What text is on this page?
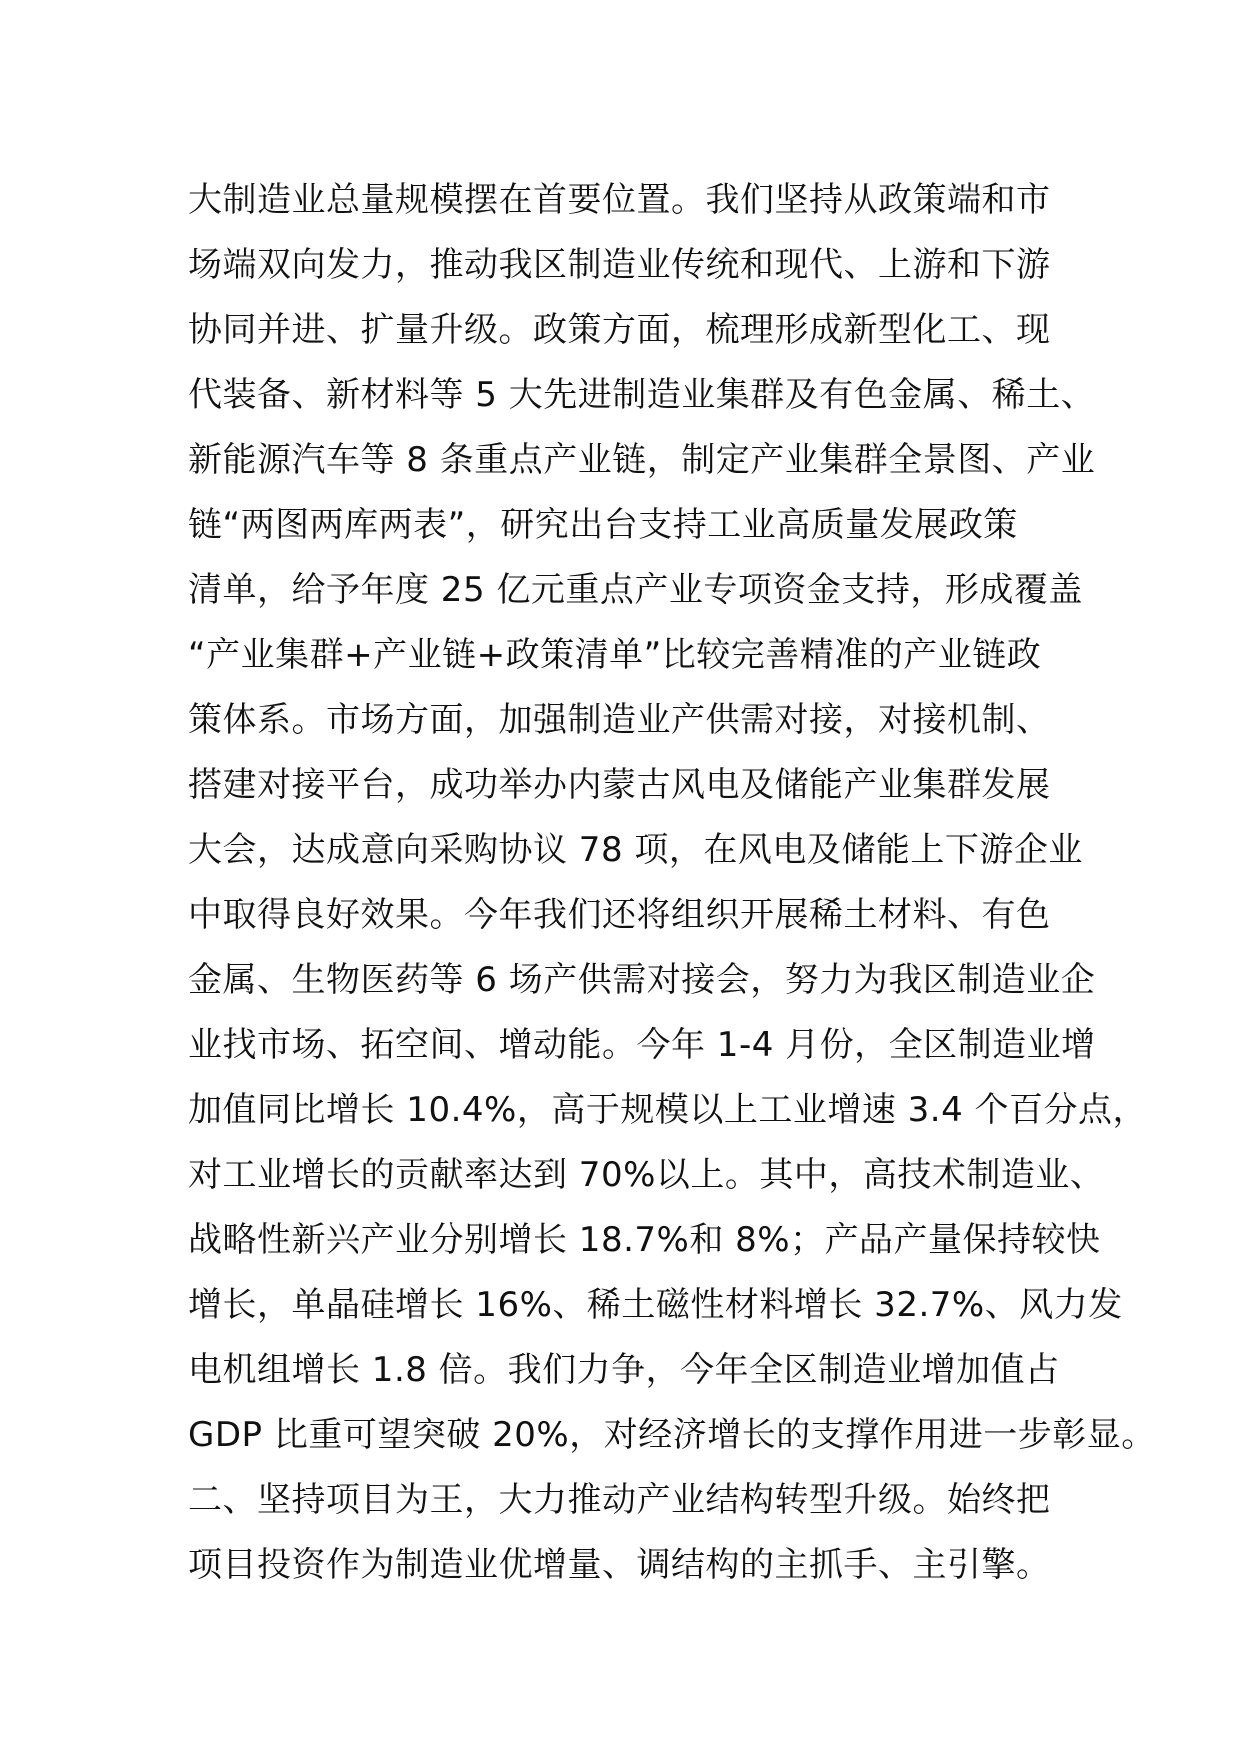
大制造业总量规模摆在首要位置。我们坚持从政策端和市
场端双向发力，推动我区制造业传统和现代、上游和下游
协同并进、扩量升级。政策方面，梳理形成新型化工、现
代装备、新材料等 5 大先进制造业集群及有色金属、稀土、
新能源汽车等 8 条重点产业链，制定产业集群全景图、产业
链“两图两库两表”，研究出台支持工业高质量发展政策
清单，给予年度 25 亿元重点产业专项资金支持，形成覆盖
“产业集群+产业链+政策清单”比较完善精准的产业链政
策体系。市场方面，加强制造业产供需对接，对接机制、
搭建对接平台，成功举办内蒙古风电及储能产业集群发展
大会，达成意向采购协议 78 项，在风电及储能上下游企业
中取得良好效果。今年我们还将组织开展稀土材料、有色
金属、生物医药等 6 场产供需对接会，努力为我区制造业企
业找市场、拓空间、增动能。今年 1-4 月份，全区制造业增
加值同比增长 10.4%，高于规模以上工业增速 3.4 个百分点，
对工业增长的贡献率达到 70%以上。其中，高技术制造业、
战略性新兴产业分别增长 18.7%和 8%；产品产量保持较快
增长，单晶硅增长 16%、稀土磁性材料增长 32.7%、风力发
电机组增长 1.8 倍。我们力争，今年全区制造业增加值占
GDP 比重可望突破 20%，对经济增长的支撑作用进一步彰显。
二、坚持项目为王，大力推动产业结构转型升级。始终把
项目投资作为制造业优增量、调结构的主抓手、主引擎。
